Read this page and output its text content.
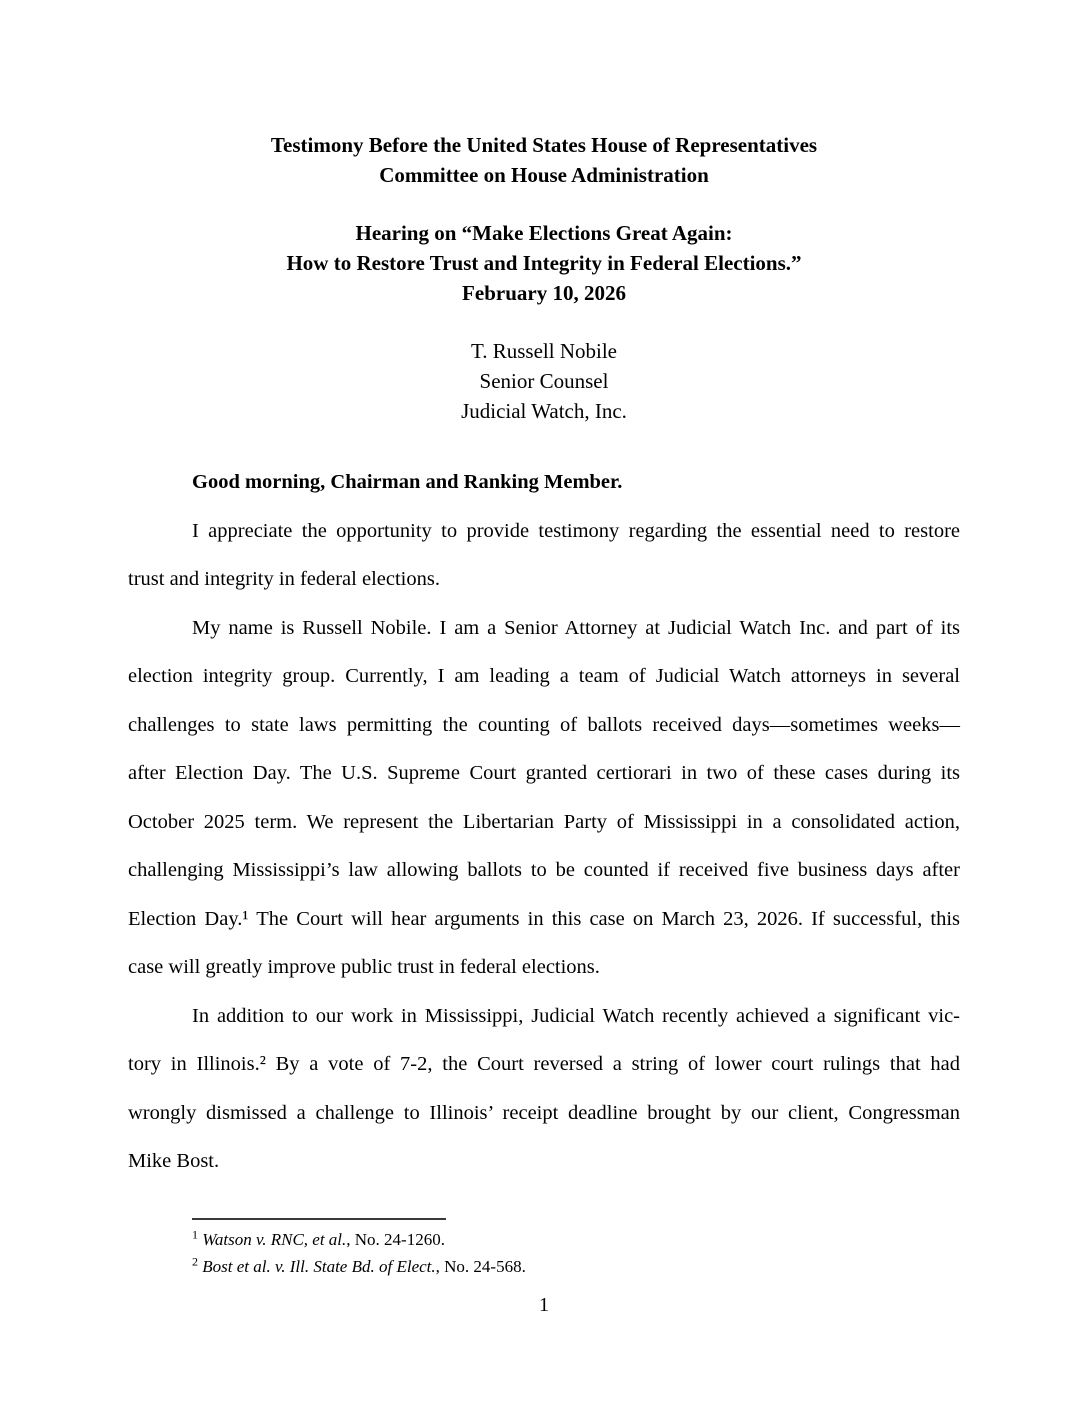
Testimony Before the United States House of Representatives
Committee on House Administration
Hearing on “Make Elections Great Again:
How to Restore Trust and Integrity in Federal Elections.”
February 10, 2026
T. Russell Nobile
Senior Counsel
Judicial Watch, Inc.
Good morning, Chairman and Ranking Member.
I appreciate the opportunity to provide testimony regarding the essential need to restore
trust and integrity in federal elections.
My name is Russell Nobile. I am a Senior Attorney at Judicial Watch Inc. and part of its
election integrity group. Currently, I am leading a team of Judicial Watch attorneys in several
challenges to state laws permitting the counting of ballots received days—sometimes weeks—
after Election Day. The U.S. Supreme Court granted certiorari in two of these cases during its
October 2025 term. We represent the Libertarian Party of Mississippi in a consolidated action,
challenging Mississippi’s law allowing ballots to be counted if received five business days after
Election Day.¹ The Court will hear arguments in this case on March 23, 2026. If successful, this
case will greatly improve public trust in federal elections.
In addition to our work in Mississippi, Judicial Watch recently achieved a significant vic-
tory in Illinois.² By a vote of 7-2, the Court reversed a string of lower court rulings that had
wrongly dismissed a challenge to Illinois’ receipt deadline brought by our client, Congressman
Mike Bost.
$^1$ Watson v. RNC, et al., No. 24-1260.
$^2$ Bost et al. v. Ill. State Bd. of Elect., No. 24-568.
1
